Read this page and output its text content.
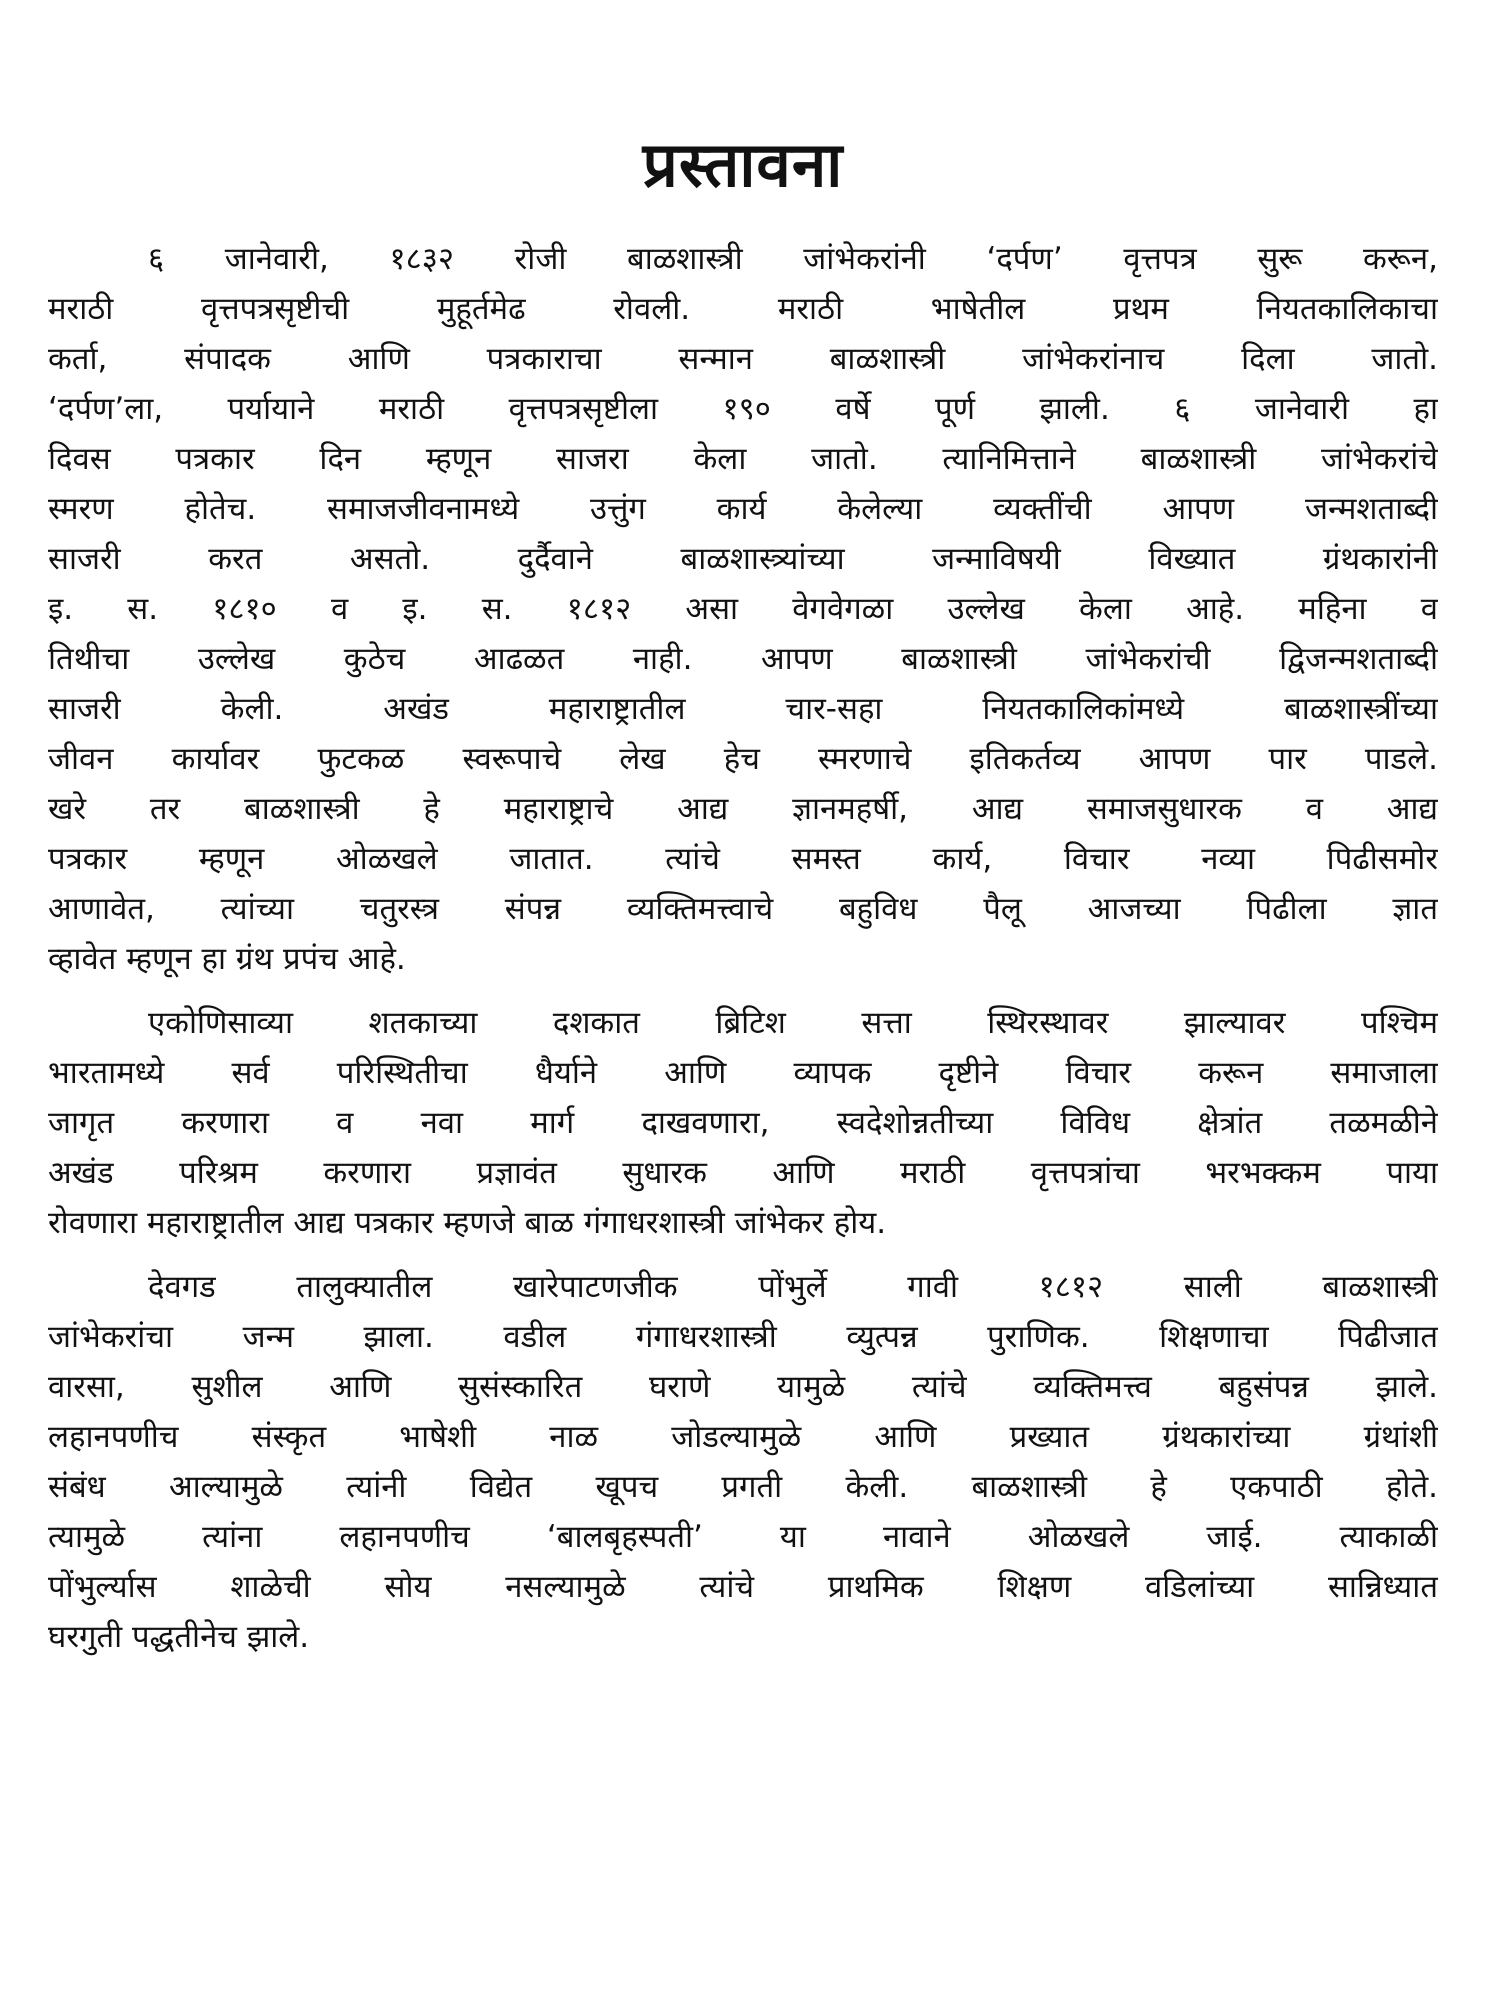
प्रस्तावना
६ जानेवारी, १८३२ रोजी बाळशास्त्री जांभेकरांनी ‘दर्पण’ वृत्तपत्र सुरू करून,
मराठी वृत्तपत्रसृष्टीची मुहूर्तमेढ रोवली. मराठी भाषेतील प्रथम नियतकालिकाचा
कर्ता, संपादक आणि पत्रकाराचा सन्मान बाळशास्त्री जांभेकरांनाच दिला जातो.
‘दर्पण’ला, पर्यायाने मराठी वृत्तपत्रसृष्टीला १९० वर्षे पूर्ण झाली. ६ जानेवारी हा
दिवस पत्रकार दिन म्हणून साजरा केला जातो. त्यानिमित्ताने बाळशास्त्री जांभेकरांचे
स्मरण होतेच. समाजजीवनामध्ये उत्तुंग कार्य केलेल्या व्यक्तींची आपण जन्मशताब्दी
साजरी करत असतो. दुर्दैवाने बाळशास्त्र्यांच्या जन्माविषयी विख्यात ग्रंथकारांनी
इ. स. १८१० व इ. स. १८१२ असा वेगवेगळा उल्लेख केला आहे. महिना व
तिथीचा उल्लेख कुठेच आढळत नाही. आपण बाळशास्त्री जांभेकरांची द्विजन्मशताब्दी
साजरी केली. अखंड महाराष्ट्रातील चार-सहा नियतकालिकांमध्ये बाळशास्त्रींच्या
जीवन कार्यावर फुटकळ स्वरूपाचे लेख हेच स्मरणाचे इतिकर्तव्य आपण पार पाडले.
खरे तर बाळशास्त्री हे महाराष्ट्राचे आद्य ज्ञानमहर्षी, आद्य समाजसुधारक व आद्य
पत्रकार म्हणून ओळखले जातात. त्यांचे समस्त कार्य, विचार नव्या पिढीसमोर
आणावेत, त्यांच्या चतुरस्त्र संपन्न व्यक्तिमत्त्वाचे बहुविध पैलू आजच्या पिढीला ज्ञात
व्हावेत म्हणून हा ग्रंथ प्रपंच आहे.
एकोणिसाव्या शतकाच्या दशकात ब्रिटिश सत्ता स्थिरस्थावर झाल्यावर पश्चिम
भारतामध्ये सर्व परिस्थितीचा धैर्याने आणि व्यापक दृष्टीने विचार करून समाजाला
जागृत करणारा व नवा मार्ग दाखवणारा, स्वदेशोन्नतीच्या विविध क्षेत्रांत तळमळीने
अखंड परिश्रम करणारा प्रज्ञावंत सुधारक आणि मराठी वृत्तपत्रांचा भरभक्कम पाया
रोवणारा महाराष्ट्रातील आद्य पत्रकार म्हणजे बाळ गंगाधरशास्त्री जांभेकर होय.
देवगड तालुक्यातील खारेपाटणजीक पोंभुर्ले गावी १८१२ साली बाळशास्त्री
जांभेकरांचा जन्म झाला. वडील गंगाधरशास्त्री व्युत्पन्न पुराणिक. शिक्षणाचा पिढीजात
वारसा, सुशील आणि सुसंस्कारित घराणे यामुळे त्यांचे व्यक्तिमत्त्व बहुसंपन्न झाले.
लहानपणीच संस्कृत भाषेशी नाळ जोडल्यामुळे आणि प्रख्यात ग्रंथकारांच्या ग्रंथांशी
संबंध आल्यामुळे त्यांनी विद्येत खूपच प्रगती केली. बाळशास्त्री हे एकपाठी होते.
त्यामुळे त्यांना लहानपणीच ‘बालबृहस्पती’ या नावाने ओळखले जाई. त्याकाळी
पोंभुर्ल्यास शाळेची सोय नसल्यामुळे त्यांचे प्राथमिक शिक्षण वडिलांच्या सान्निध्यात
घरगुती पद्धतीनेच झाले.
